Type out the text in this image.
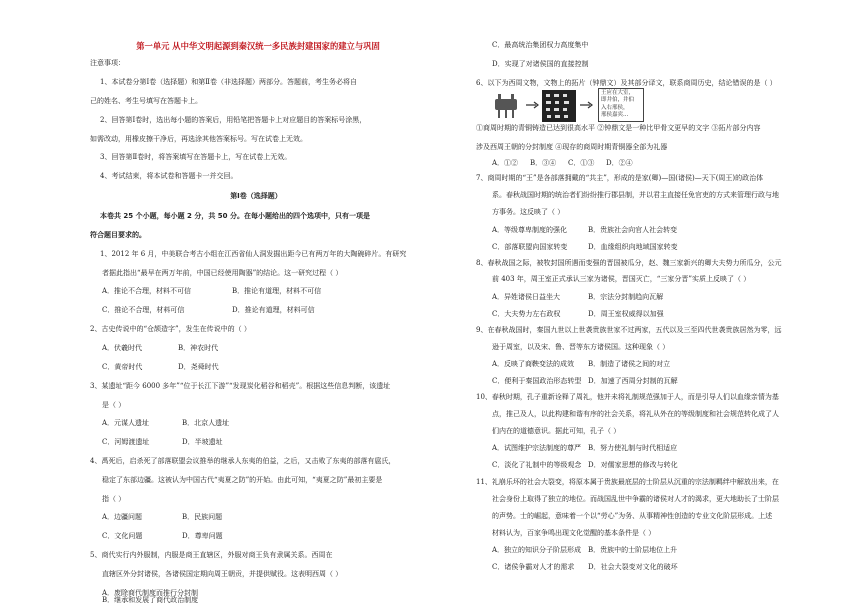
第一单元 从中华文明起源到秦汉统一多民族封建国家的建立与巩固
注意事项：
1、本试卷分第Ⅰ卷（选择题）和第Ⅱ卷（非选择题）两部分。答题前，考生务必将自
己的姓名、考生号填写在答题卡上。
2、回答第Ⅰ卷时，选出每小题的答案后，用铅笔把答题卡上对应题目的答案标号涂黑，
如需改动，用橡皮擦干净后，再选涂其他答案标号。写在试卷上无效。
3、回答第Ⅱ卷时，将答案填写在答题卡上，写在试卷上无效。
4、考试结束，将本试卷和答题卡一并交回。
第Ⅰ卷（选择题）
本卷共 25 个小题，每小题 2 分，共 50 分。在每小题给出的四个选项中，只有一项是
符合题目要求的。
1、2012 年 6 月，中美联合考古小组在江西省仙人洞发掘出距今已有两万年的大陶碗碎片。有研究
者据此指出“最早在两万年前，中国已经使用陶器”的结论。这一研究过程（ ）
A．推论不合理，材料不可信	B．推论有道理，材料不可信
C．推论不合理，材料可信	D．推论有道理，材料可信
2、古史传说中的“仓颉造字”，发生在传说中的（ ）
A．伏羲时代	B．神农时代
C．黄帝时代	D．尧舜时代
3、某遗址“距今 6000 多年”“位于长江下游”“发现炭化稻谷和稻壳”。根据这些信息判断，该遗址
是（ ）
A．元谋人遗址	B．北京人遗址
C．河姆渡遗址	D．半坡遗址
4、禹死后，启杀死了部落联盟会议推举的继承人东夷的伯益，之后，又击败了东夷的部落有扈氏，
稳定了东部边疆。这被认为中国古代“夷夏之防”的开始。由此可知，“夷夏之防”最初主要是
指（ ）
A．边疆问题	B．民族问题
C．文化问题	D．尊卑问题
5、商代实行内外服制，内服是商王直辖区，外服对商王负有隶属关系。西周在
直辖区外分封诸侯，各诸侯国定期向周王朝贡，并提供赋役。这表明西周（ ）
A．废除商代制度而推行分封制
C．最高统治集团权力高度集中
D．实现了对诸侯国的直接控制
6、以下为西周文物，文物上的拓片（钟鼎文）及其部分译文，联系商周历史，结论错误的是（ ）
王应在大室，
即井伯，井伯
入右邢侯，
邢侯嘉宾...
①商周时期的青铜铸造已达到很高水平 ②钟鼎文是一种比甲骨文更早的文字 ③拓片部分内容
涉及西周王朝的分封制度 ④现存的商周时期青铜器全部为礼器
A．①② B．③④ C．①③ D．②④
7、商周时期的“王”是各部落拥戴的“共主”，形成的是家(卿)—国(诸侯)—天下(周王)的政治体
系。春秋战国时期的统治者们纷纷推行郡县制，并以君主直接任免官吏的方式来管理行政与地
方事务。这反映了（ ）
A．等级尊卑制度的强化	B．贵族社会向官人社会转变
C．部落联盟向国家转变	D．血缘组织向地域国家转变
8、春秋战国之际，被牧封国所遇而变强的晋国被瓜分，赵、魏三家新兴的卿大夫势力所瓜分，公元
前 403 年，周王室正式承认三家为诸侯，晋国灭亡，“三家分晋”实质上反映了（ ）
A．异姓诸侯日益坐大	B．宗法分封制趋向瓦解
C．大夫势力左右政权	D．周王室权威得以加强
9、在春秋战国时，秦国九世以上世袭贵族世家不过两家，五代以及三至四代世袭贵族居然为零，远
逊于周室，以及宋、鲁、晋等东方诸侯国。这种现象（ ）
A．反映了商鞅变法的成效 B．制造了诸侯之间的对立
C．便利于秦国政治形态转型 D．加速了西周分封制的瓦解
10、春秋时期，孔子重新诠释了周礼，他并未将礼制规范强加于人，而是引导人们以血缘亲情为基
点，推己及人，以此构建和谐有序的社会关系，将礼从外在的等级制度和社会规范转化成了人
们内在的道德意识。据此可知，孔子（ ）
A．试图维护宗法制度的尊严 B．努力使礼制与时代相适应
C．淡化了礼制中的等级观念 D．对儒家思想的修改与转化
11、礼崩乐坏的社会大裂变，将原本属于贵族最底层的士阶层从沉重的宗法制羁绊中解放出来，在
社会身份上取得了独立的地位。而战国乱世中争霸的诸侯对人才的渴求，更大地助长了士阶层
的声势。士的崛起，意味着一个以“劳心”为务、从事精神性创造的专业文化阶层形成。上述
材料认为，百家争鸣出现文化觉醒的基本条件是（ ）
A．独立的知识分子阶层形成 B．贵族中的士阶层地位上升
C．诸侯争霸对人才的需求 D．社会大裂变对文化的破坏
B．继承和发展了商代政治制度
